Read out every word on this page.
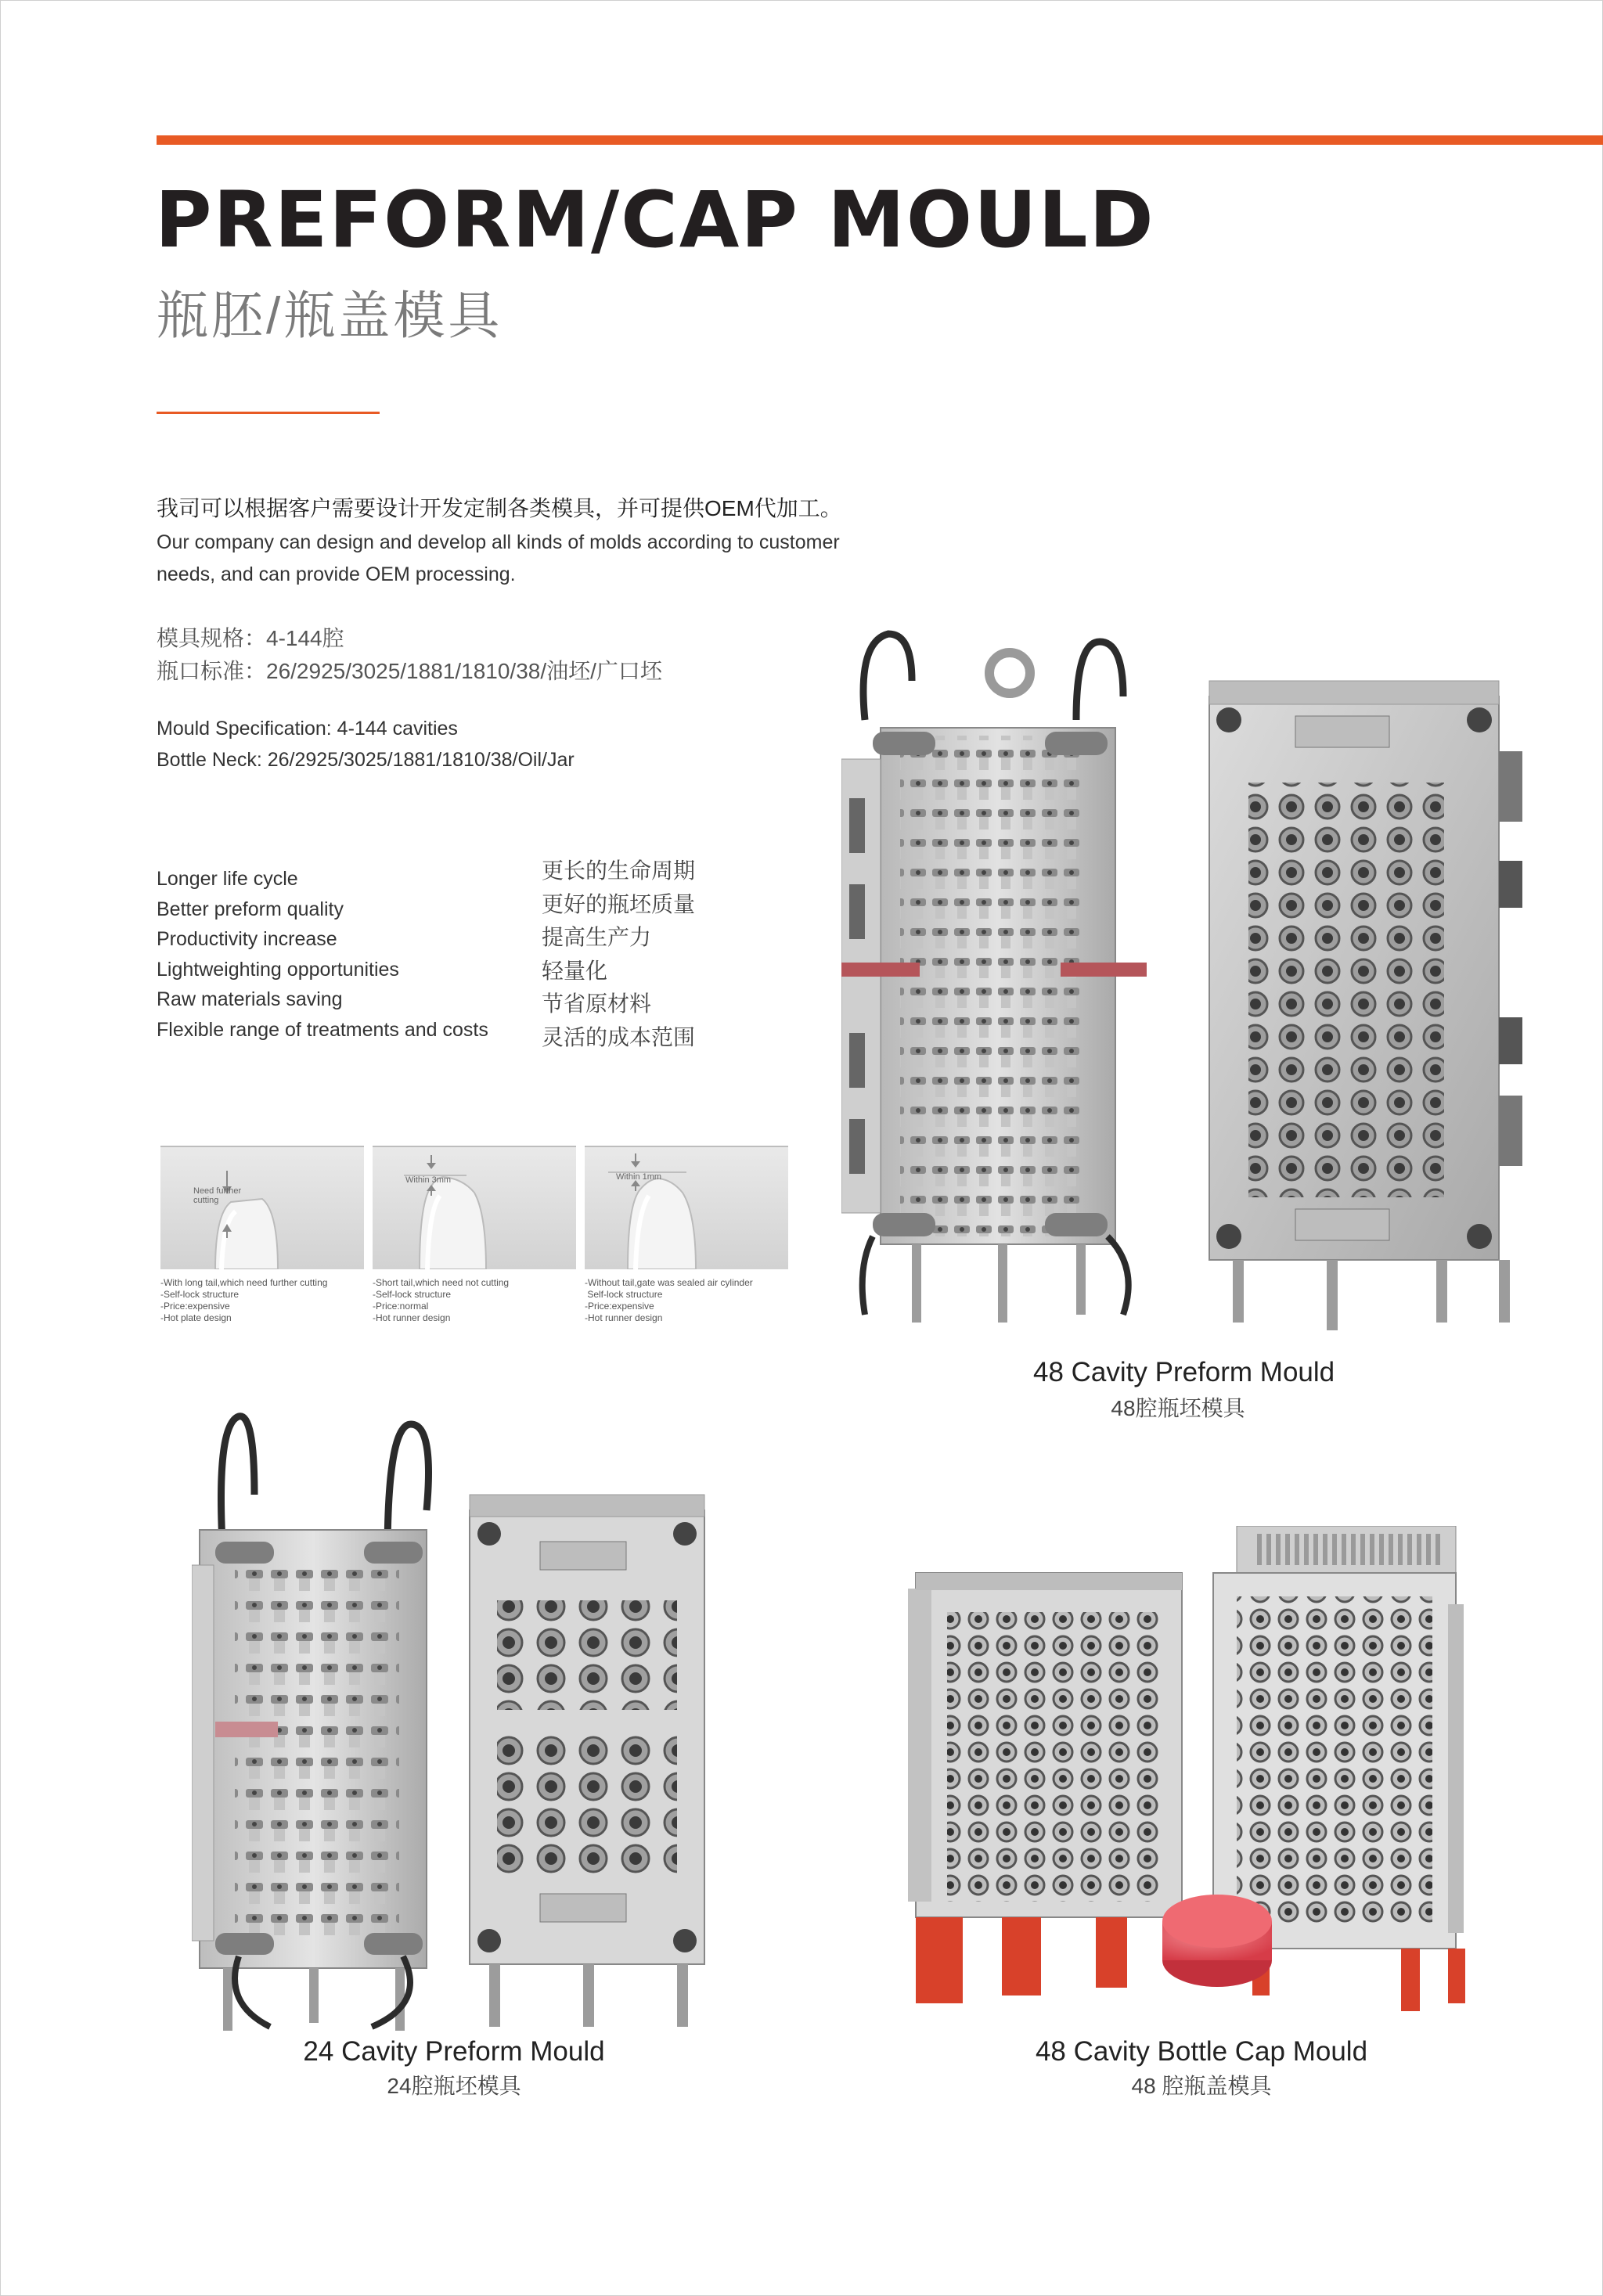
PREFORM/CAP MOULD
瓶胚/瓶盖模具
我司可以根据客户需要设计开发定制各类模具，并可提供OEM代加工。
Our company can design and develop all kinds of molds according to customer needs, and can provide OEM processing.
模具规格：4-144腔
瓶口标准：26/2925/3025/1881/1810/38/油坯/广口坯
Mould Specification: 4-144 cavities
Bottle Neck: 26/2925/3025/1881/1810/38/Oil/Jar
Longer life cycle
Better preform quality
Productivity increase
Lightweighting opportunities
Raw materials saving
Flexible range of treatments and costs
更长的生命周期
更好的瓶坯质量
提高生产力
轻量化
节省原材料
灵活的成本范围
Need further cutting
Within 3mm	Within 1mm
-With long tail,which need further cutting
-Self-lock structure
-Price:expensive
-Hot plate design
-Short tail,which need not cutting
-Self-lock structure
-Price:normal
-Hot runner design
-Without tail,gate was sealed air cylinder
Self-lock structure
-Price:expensive
-Hot runner design
48 Cavity Preform Mould
48腔瓶坯模具
24 Cavity Preform Mould
24腔瓶坯模具
48 Cavity Bottle Cap Mould
48 腔瓶盖模具
